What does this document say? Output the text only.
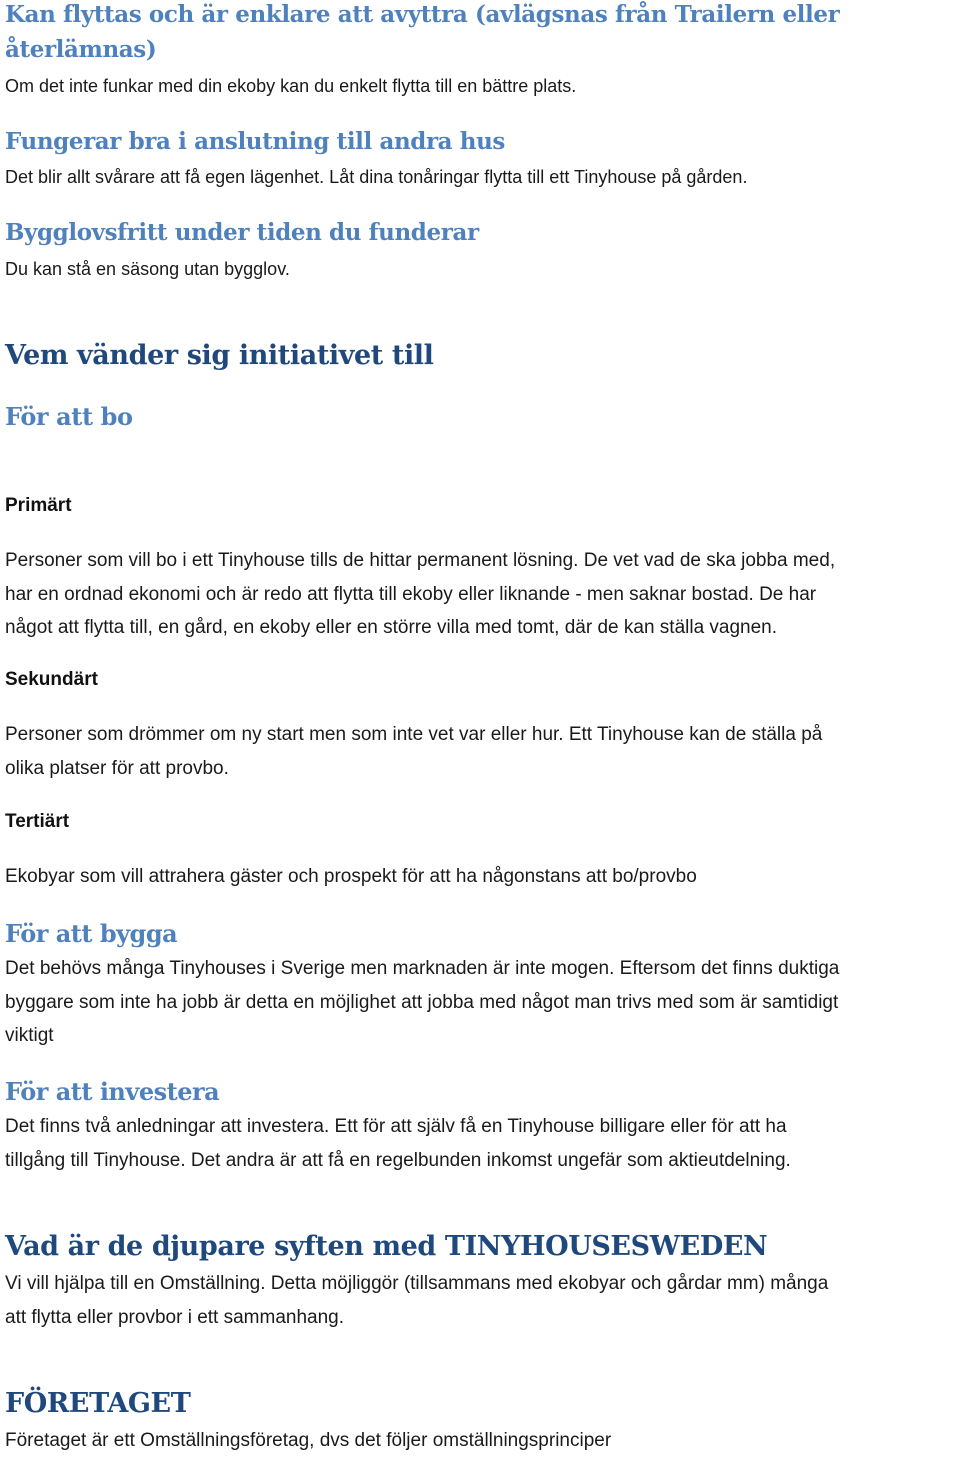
Kan flyttas och är enklare att avyttra (avlägsnas från Trailern eller
återlämnas)

Om det inte funkar med din ekoby kan du enkelt flytta till en bättre plats.

Fungerar bra i anslutning till andra hus

Det blir allt svårare att få egen lägenhet. Låt dina tonåringar flytta till ett Tinyhouse på gården.

Bygglovsfritt under tiden du funderar

Du kan stå en säsong utan bygglov.

Vem vänder sig initiativet till
För att bo
Primärt

Personer som vill bo i ett Tinyhouse tills de hittar permanent lösning. De vet vad de ska jobba med,
har en ordnad ekonomi och är redo att flytta till ekoby eller liknande - men saknar bostad. De har
något att flytta till, en gård, en ekoby eller en större villa med tomt, där de kan ställa vagnen.

Sekundärt

Personer som drömmer om ny start men som inte vet var eller hur. Ett Tinyhouse kan de ställa på
olika platser för att provbo.

Tertiärt

Ekobyar som vill attrahera gäster och prospekt för att ha någonstans att bo/provbo

För att bygga

Det behövs många Tinyhouses i Sverige men marknaden är inte mogen. Eftersom det finns duktiga
byggare som inte ha jobb är detta en möjlighet att jobba med något man trivs med som är samtidigt
viktigt

För att investera

Det finns två anledningar att investera. Ett för att själv få en Tinyhouse billigare eller för att ha
tillgång till Tinyhouse. Det andra är att få en regelbunden inkomst ungefär som aktieutdelning.

Vad är de djupare syften med TINYHOUSESWEDEN

Vi vill hjälpa till en Omställning. Detta möjliggör (tillsammans med ekobyar och gårdar mm) många
att flytta eller provbor i ett sammanhang.

FÖRETAGET

Företaget är ett Omställningsföretag, dvs det följer omställningsprinciper
